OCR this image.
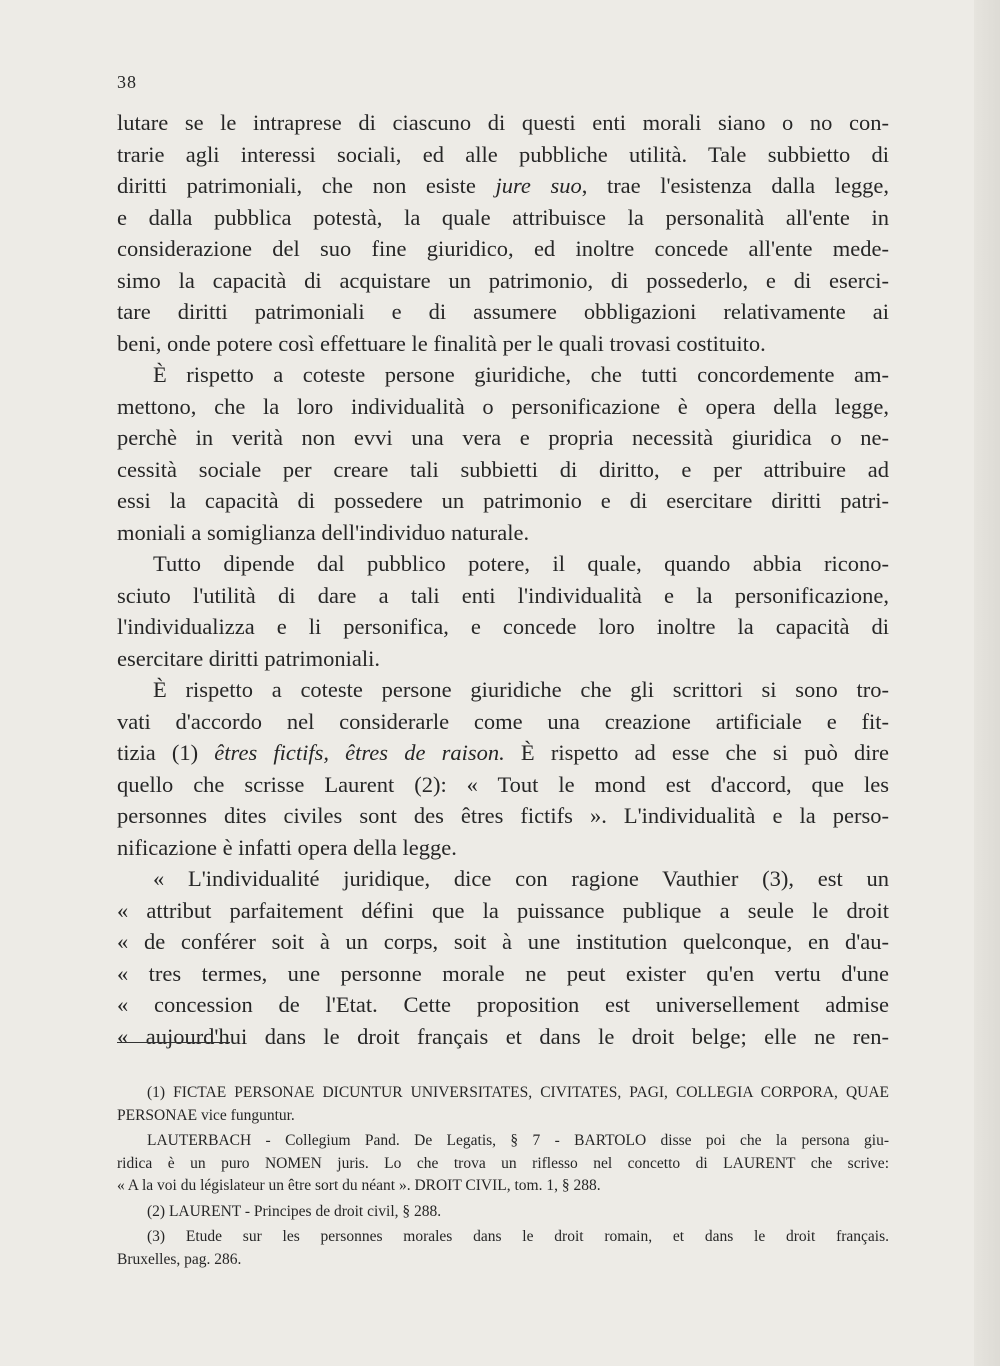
38
lutare se le intraprese di ciascuno di questi enti morali siano o no con-
trarie agli interessi sociali, ed alle pubbliche utilità. Tale subbietto di
diritti patrimoniali, che non esiste jure suo, trae l'esistenza dalla legge,
e dalla pubblica potestà, la quale attribuisce la personalità all'ente in
considerazione del suo fine giuridico, ed inoltre concede all'ente mede-
simo la capacità di acquistare un patrimonio, di possederlo, e di eserci-
tare diritti patrimoniali e di assumere obbligazioni relativamente ai
beni, onde potere così effettuare le finalità per le quali trovasi costituito.
È rispetto a coteste persone giuridiche, che tutti concordemente am-
mettono, che la loro individualità o personificazione è opera della legge,
perchè in verità non evvi una vera e propria necessità giuridica o ne-
cessità sociale per creare tali subbietti di diritto, e per attribuire ad
essi la capacità di possedere un patrimonio e di esercitare diritti patri-
moniali a somiglianza dell'individuo naturale.
Tutto dipende dal pubblico potere, il quale, quando abbia ricono-
sciuto l'utilità di dare a tali enti l'individualità e la personificazione,
l'individualizza e li personifica, e concede loro inoltre la capacità di
esercitare diritti patrimoniali.
È rispetto a coteste persone giuridiche che gli scrittori si sono tro-
vati d'accordo nel considerarle come una creazione artificiale e fit-
tizia (1) êtres fictifs, êtres de raison. È rispetto ad esse che si può dire
quello che scrisse Laurent (2): « Tout le mond est d'accord, que les
personnes dites civiles sont des êtres fictifs ». L'individualità e la perso-
nificazione è infatti opera della legge.
« L'individualité juridique, dice con ragione Vauthier (3), est un
« attribut parfaitement défini que la puissance publique a seule le droit
« de conférer soit à un corps, soit à une institution quelconque, en d'au-
« tres termes, une personne morale ne peut exister qu'en vertu d'une
« concession de l'Etat. Cette proposition est universellement admise
« aujourd'hui dans le droit français et dans le droit belge; elle ne ren-
(1) FICTAE PERSONAE DICUNTUR UNIVERSITATES, CIVITATES, PAGI, COLLEGIA CORPORA, QUAE
PERSONAE vice funguntur.
LAUTERBACH - Collegium Pand. De Legatis, § 7 - BARTOLO disse poi che la persona giu-
ridica è un puro NOMEN juris. Lo che trova un riflesso nel concetto di LAURENT che scrive:
« A la voi du législateur un être sort du néant ». DROIT CIVIL, tom. 1, § 288.
(2) LAURENT - Principes de droit civil, § 288.
(3) Etude sur les personnes morales dans le droit romain, et dans le droit français.
Bruxelles, pag. 286.
